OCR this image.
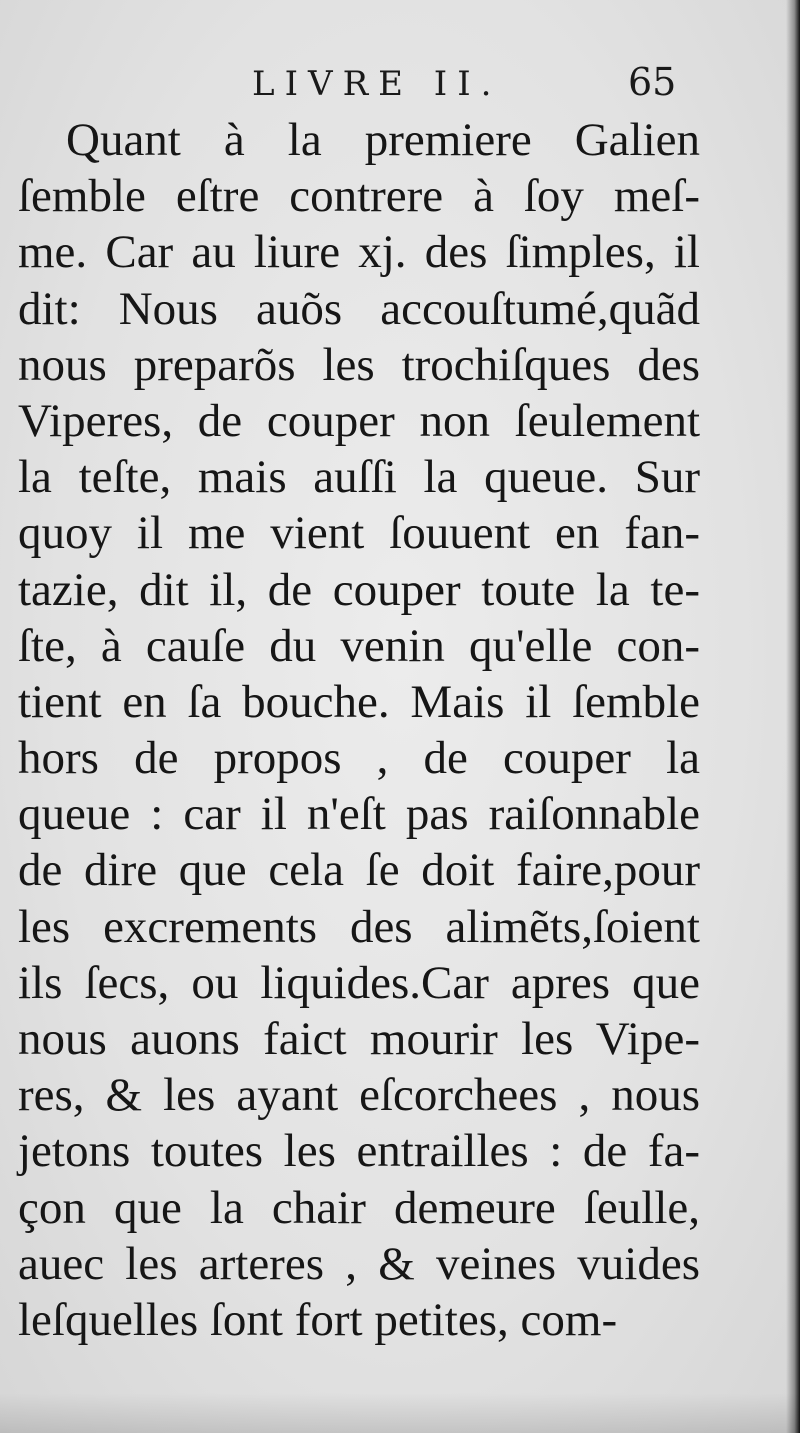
LIVRE II.	65
Quant à la premiere Galien
ſemble eſtre contrere à ſoy meſ-
me. Car au liure xj. des ſimples, il
dit: Nous auõs accouſtumé,quãd
nous preparõs les trochiſques des
Viperes, de couper non ſeulement
la teſte, mais auſſi la queue. Sur
quoy il me vient ſouuent en fan-
tazie, dit il, de couper toute la te-
ſte, à cauſe du venin qu'elle con-
tient en ſa bouche. Mais il ſemble
hors de propos , de couper la
queue : car il n'eſt pas raiſonnable
de dire que cela ſe doit faire,pour
les excrements des alimẽts,ſoient
ils ſecs, ou liquides.Car apres que
nous auons faict mourir les Vipe-
res, & les ayant eſcorchees , nous
jetons toutes les entrailles : de fa-
çon que la chair demeure ſeulle,
auec les arteres , & veines vuides
leſquelles ſont fort petites, com-
